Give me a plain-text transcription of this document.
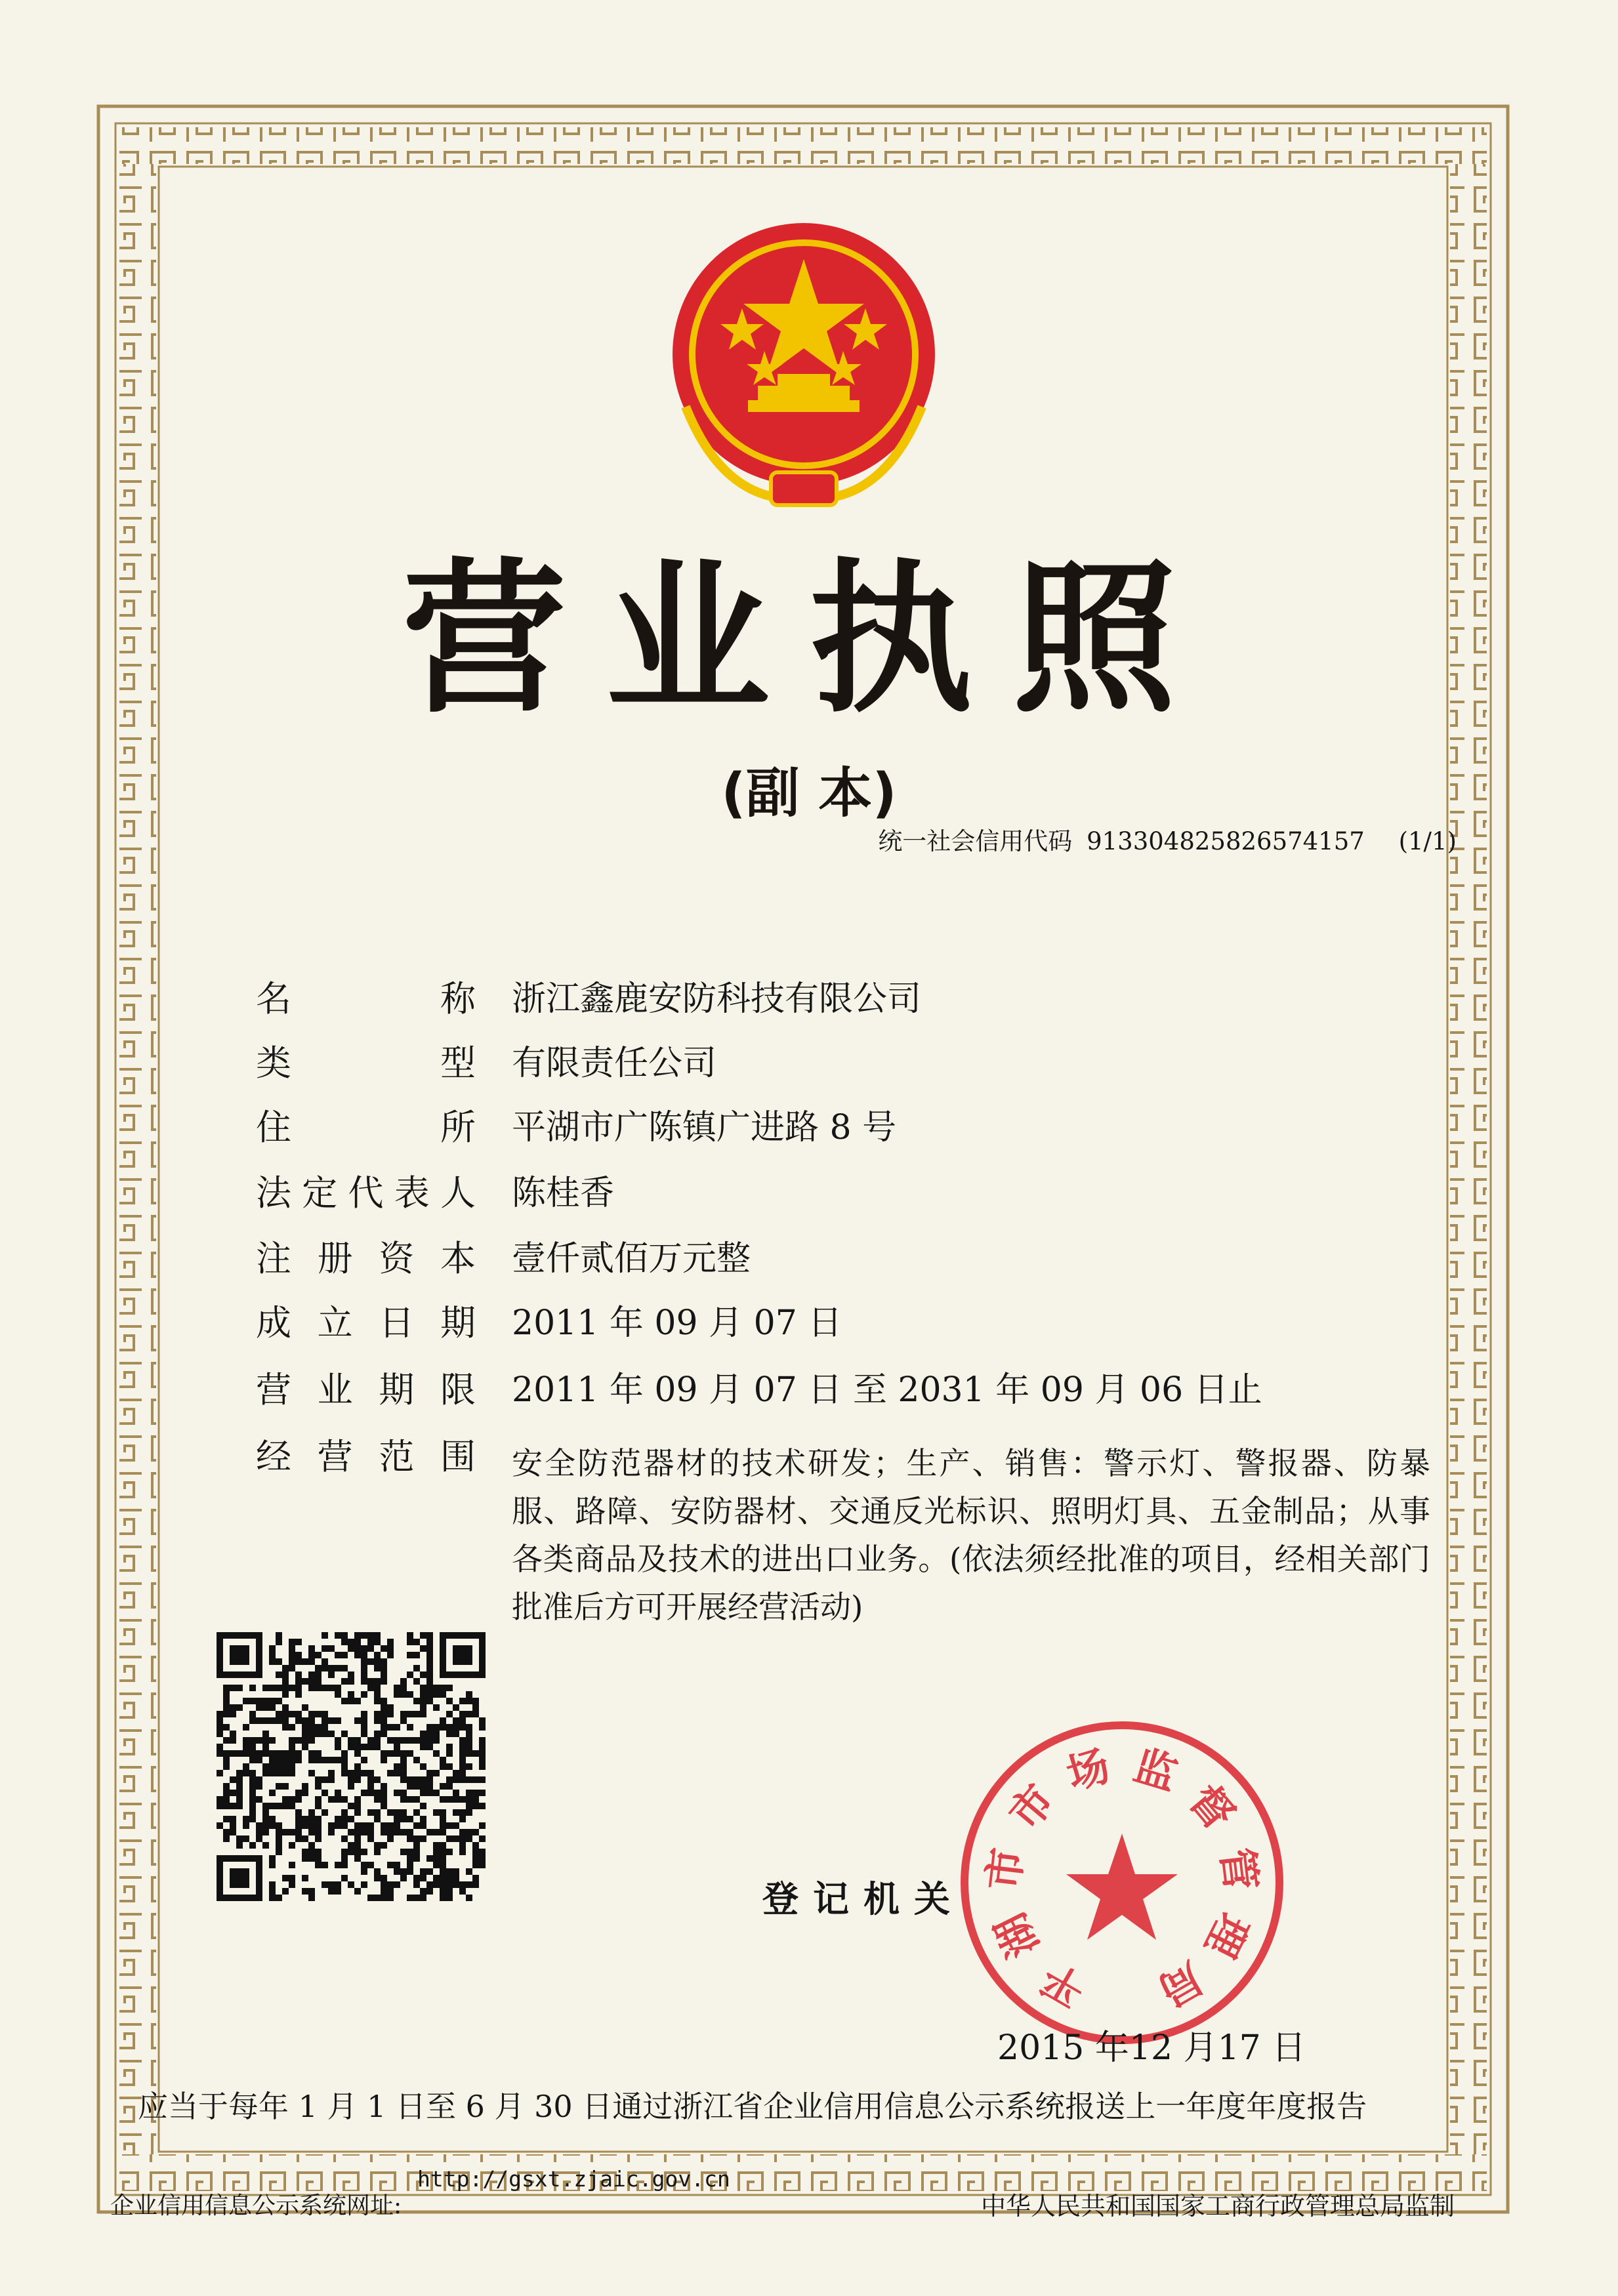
营业执照
(副 本)
统一社会信用代码 913304825826574157 (1/1)
名	称 浙江鑫鹿安防科技有限公司
类	型 有限责任公司
住	所 平湖市广陈镇广进路 8 号
法 定 代 表 人 陈桂香
注 册 资 本 壹仟贰佰万元整
成 立 日 期 2011 年 09 月 07 日
营 业 期 限 2011 年 09 月 07 日 至 2031 年 09 月 06 日止
经 营 范 围 安全防范器材的技术研发；生产、销售：警示灯、警报器、防暴服、路障、安防器材、交通反光标识、照明灯具、五金制品；从事各类商品及技术的进出口业务。(依法须经批准的项目，经相关部门批准后方可开展经营活动)
登记机关
平
湖
市
市
场 监
督
管
理
局
2015 年12 月17 日
应当于每年 1 月 1 日至 6 月 30 日通过浙江省企业信用信息公示系统报送上一年度年度报告
企业信用信息公示系统网址:
http://gsxt.zjaic.gov.cn
中华人民共和国国家工商行政管理总局监制
